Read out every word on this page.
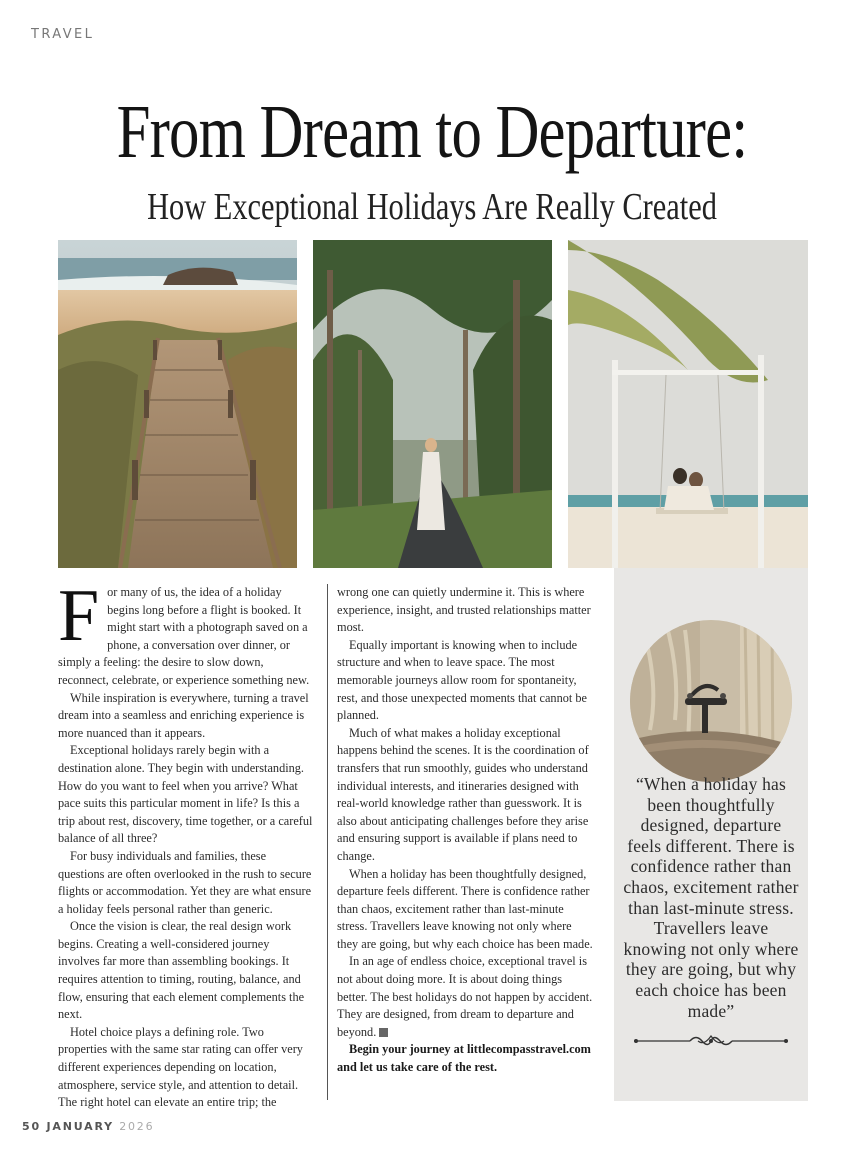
TRAVEL
From Dream to Departure:
How Exceptional Holidays Are Really Created

For many of us, the idea of a holiday begins long before a flight is booked. It might start with a photograph saved on a phone, a conversation over dinner, or simply a feeling: the desire to slow down, reconnect, celebrate, or experience something new.

While inspiration is everywhere, turning a travel dream into a seamless and enriching experience is more nuanced than it appears.

Exceptional holidays rarely begin with a destination alone. They begin with understanding. How do you want to feel when you arrive? What pace suits this particular moment in life? Is this a trip about rest, discovery, time together, or a careful balance of all three?

For busy individuals and families, these questions are often overlooked in the rush to secure flights or accommodation. Yet they are what ensure a holiday feels personal rather than generic.

Once the vision is clear, the real design work begins. Creating a well-considered journey involves far more than assembling bookings. It requires attention to timing, routing, balance, and flow, ensuring that each element complements the next.

Hotel choice plays a defining role. Two properties with the same star rating can offer very different experiences depending on location, atmosphere, service style, and attention to detail. The right hotel can elevate an entire trip; the

wrong one can quietly undermine it. This is where experience, insight, and trusted relationships matter most.

Equally important is knowing when to include structure and when to leave space. The most memorable journeys allow room for spontaneity, rest, and those unexpected moments that cannot be planned.

Much of what makes a holiday exceptional happens behind the scenes. It is the coordination of transfers that run smoothly, guides who understand individual interests, and itineraries designed with real-world knowledge rather than guesswork. It is also about anticipating challenges before they arise and ensuring support is available if plans need to change.

When a holiday has been thoughtfully designed, departure feels different. There is confidence rather than chaos, excitement rather than last-minute stress. Travellers leave knowing not only where they are going, but why each choice has been made.

In an age of endless choice, exceptional travel is not about doing more. It is about doing things better. The best holidays do not happen by accident. They are designed, from dream to departure and beyond.

Begin your journey at littlecompasstravel.com and let us take care of the rest.

“When a holiday has been thoughtfully designed, departure feels different. There is confidence rather than chaos, excitement rather than last-minute stress. Travellers leave knowing not only where they are going, but why each choice has been made”
50 JANUARY 2026
